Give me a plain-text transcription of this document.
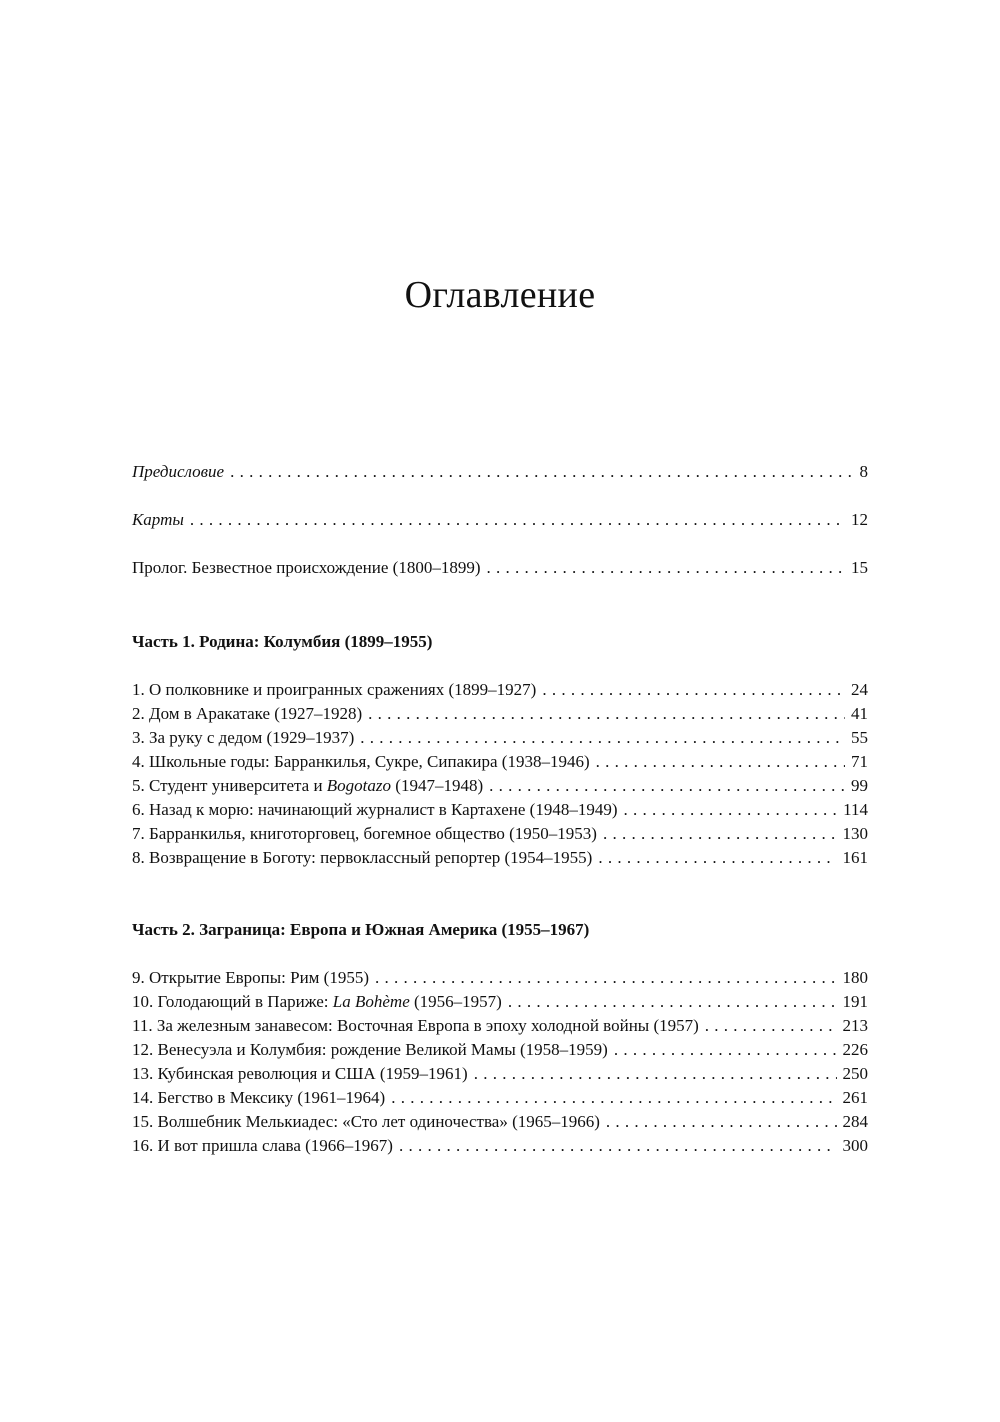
Оглавление
Предисловие . . .	8
Карты . . .	12
Пролог. Безвестное происхождение (1800–1899) . . .	15
Часть 1. Родина: Колумбия (1899–1955)
1. О полковнике и проигранных сражениях (1899–1927) . . .	24
2. Дом в Аракатаке (1927–1928) . . .	41
3. За руку с дедом (1929–1937) . . .	55
4. Школьные годы: Барранкилья, Сукре, Сипакира (1938–1946) . . .	71
5. Студент университета и Bogotazo (1947–1948) . . .	99
6. Назад к морю: начинающий журналист в Картахене (1948–1949) . . .	114
7. Барранкилья, книготорговец, богемное общество (1950–1953) . . .	130
8. Возвращение в Боготу: первоклассный репортер (1954–1955) . . .	161
Часть 2. Заграница: Европа и Южная Америка (1955–1967)
9. Открытие Европы: Рим (1955) . . .	180
10. Голодающий в Париже: La Bohème (1956–1957) . . .	191
11. За железным занавесом: Восточная Европа в эпоху холодной войны (1957) . . .	213
12. Венесуэла и Колумбия: рождение Великой Мамы (1958–1959) . . .	226
13. Кубинская революция и США (1959–1961) . . .	250
14. Бегство в Мексику (1961–1964) . . .	261
15. Волшебник Мелькиадес: «Сто лет одиночества» (1965–1966) . . .	284
16. И вот пришла слава (1966–1967) . . .	300
